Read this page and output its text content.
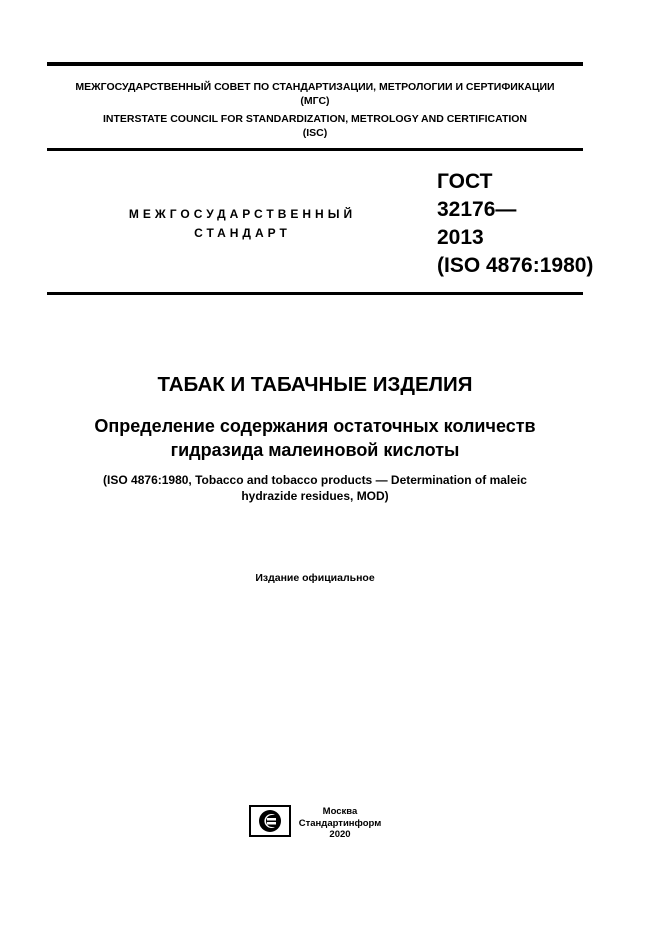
МЕЖГОСУДАРСТВЕННЫЙ СОВЕТ ПО СТАНДАРТИЗАЦИИ, МЕТРОЛОГИИ И СЕРТИФИКАЦИИ
(МГС)
INTERSTATE COUNCIL FOR STANDARDIZATION, METROLOGY AND CERTIFICATION
(ISC)
МЕЖГОСУДАРСТВЕННЫЙ
СТАНДАРТ
ГОСТ
32176—
2013
(ISO 4876:1980)
ТАБАК И ТАБАЧНЫЕ ИЗДЕЛИЯ
Определение содержания остаточных количеств
гидразида малеиновой кислоты
(ISO 4876:1980, Tobacco and tobacco products — Determination of maleic
hydrazide residues, MOD)
Издание официальное
Москва
Стандартинформ
2020
